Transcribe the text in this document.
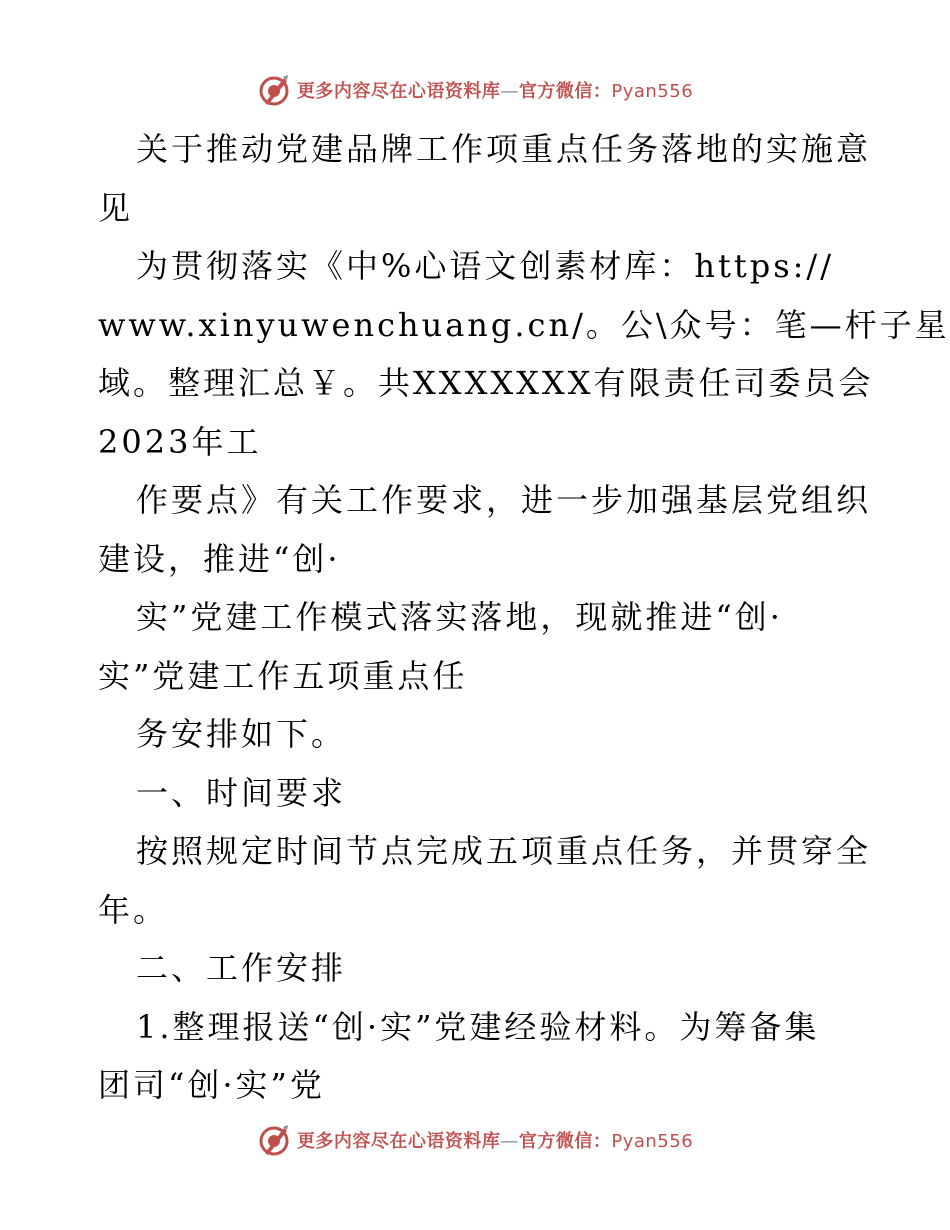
更多内容尽在心语资料库—官方微信：Pyan556

关于推动党建品牌工作项重点任务落地的实施意

见

为贯彻落实《中%心语文创素材库：https://

www.xinyuwenchuang.cn/。公\众号：笔—杆子星

域。整理汇总￥。共XXXXXXX有限责任司委员会

2023年工

作要点》有关工作要求，进一步加强基层党组织

建设，推进“创·

实”党建工作模式落实落地，现就推进“创·

实”党建工作五项重点任

务安排如下。

一、时间要求

按照规定时间节点完成五项重点任务，并贯穿全

年。

二、工作安排

1.整理报送“创·实”党建经验材料。为筹备集

团司“创·实”党

更多内容尽在心语资料库—官方微信：Pyan556
